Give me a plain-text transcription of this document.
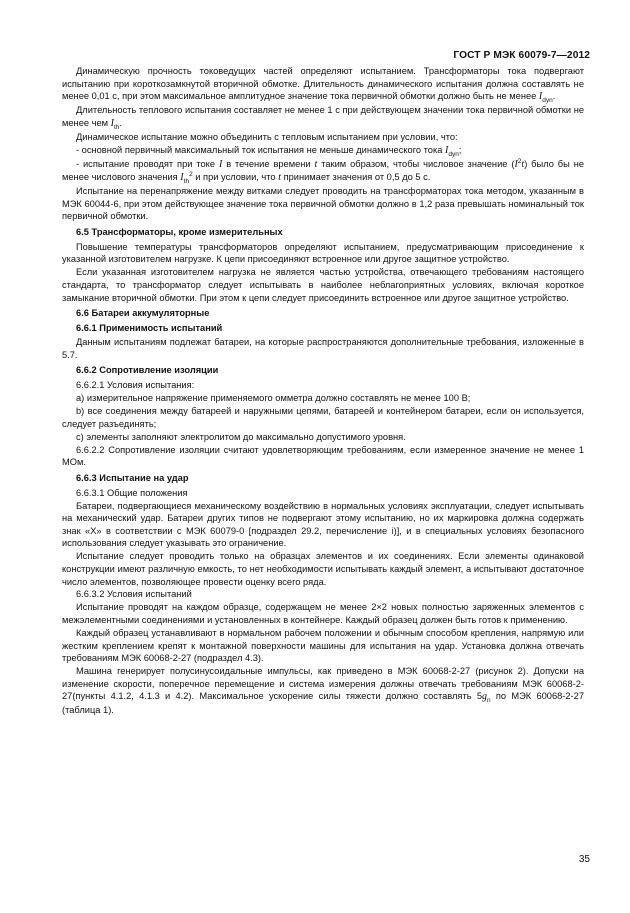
ГОСТ Р МЭК 60079-7—2012

Динамическую прочность токоведущих частей определяют испытанием. Трансформаторы тока подвергают испытанию при короткозамкнутой вторичной обмотке. Длительность динамического испытания должна составлять не менее 0,01 с, при этом максимальное амплитудное значение тока первичной обмотки должно быть не менее $I_{dyn}$.

Длительность теплового испытания составляет не менее 1 с при действующем значении тока первичной обмотки не менее чем $I_{th}$.

Динамическое испытание можно объединить с тепловым испытанием при условии, что:

- основной первичный максимальный ток испытания не меньше динамического тока $I_{dyn}$;

- испытание проводят при токе I в течение времени t таким образом, чтобы числовое значение $(I^2t)$ было бы не менее числового значения $I_{th}^2$ и при условии, что t принимает значения от 0,5 до 5 с.

Испытание на перенапряжение между витками следует проводить на трансформаторах тока методом, указанным в МЭК 60044-6, при этом действующее значение тока первичной обмотки должно в 1,2 раза превышать номинальный ток первичной обмотки.

6.5 Трансформаторы, кроме измерительных

Повышение температуры трансформаторов определяют испытанием, предусматривающим присоединение к указанной изготовителем нагрузке. К цепи присоединяют встроенное или другое защитное устройство.

Если указанная изготовителем нагрузка не является частью устройства, отвечающего требованиям настоящего стандарта, то трансформатор следует испытывать в наиболее неблагоприятных условиях, включая короткое замыкание вторичной обмотки. При этом к цепи следует присоединить встроенное или другое защитное устройство.

6.6 Батареи аккумуляторные

6.6.1 Применимость испытаний

Данным испытаниям подлежат батареи, на которые распространяются дополнительные требования, изложенные в 5.7.

6.6.2 Сопротивление изоляции

6.6.2.1 Условия испытания:

а) измерительное напряжение применяемого омметра должно составлять не менее 100 В;

b) все соединения между батареей и наружными цепями, батареей и контейнером батареи, если он используется, следует разъединять;

с) элементы заполняют электролитом до максимально допустимого уровня.

6.6.2.2 Сопротивление изоляции считают удовлетворяющим требованиям, если измеренное значение не менее 1 МОм.

6.6.3 Испытание на удар

6.6.3.1 Общие положения

Батареи, подвергающиеся механическому воздействию в нормальных условиях эксплуатации, следует испытывать на механический удар. Батареи других типов не подвергают этому испытанию, но их маркировка должна содержать знак «Х» в соответствии с МЭК 60079-0 [подраздел 29.2, перечисление i)], и в специальных условиях безопасного использования следует указывать это ограничение.

Испытание следует проводить только на образцах элементов и их соединениях. Если элементы одинаковой конструкции имеют различную емкость, то нет необходимости испытывать каждый элемент, а испытывают достаточное число элементов, позволяющее провести оценку всего ряда.

6.6.3.2 Условия испытаний

Испытание проводят на каждом образце, содержащем не менее 2×2 новых полностью заряженных элементов с межэлементными соединениями и установленных в контейнере. Каждый образец должен быть готов к применению.

Каждый образец устанавливают в нормальном рабочем положении и обычным способом крепления, напрямую или жестким креплением крепят к монтажной поверхности машины для испытания на удар. Установка должна отвечать требованиям МЭК 60068-2-27 (подраздел 4.3).

Машина генерирует полусинусоидальные импульсы, как приведено в МЭК 60068-2-27 (рисунок 2). Допуски на изменение скорости, поперечное перемещение и система измерения должны отвечать требованиям МЭК 60068-2-27(пункты 4.1.2, 4.1.3 и 4.2). Максимальное ускорение силы тяжести должно составлять $5g_n$ по МЭК 60068-2-27 (таблица 1).

35
